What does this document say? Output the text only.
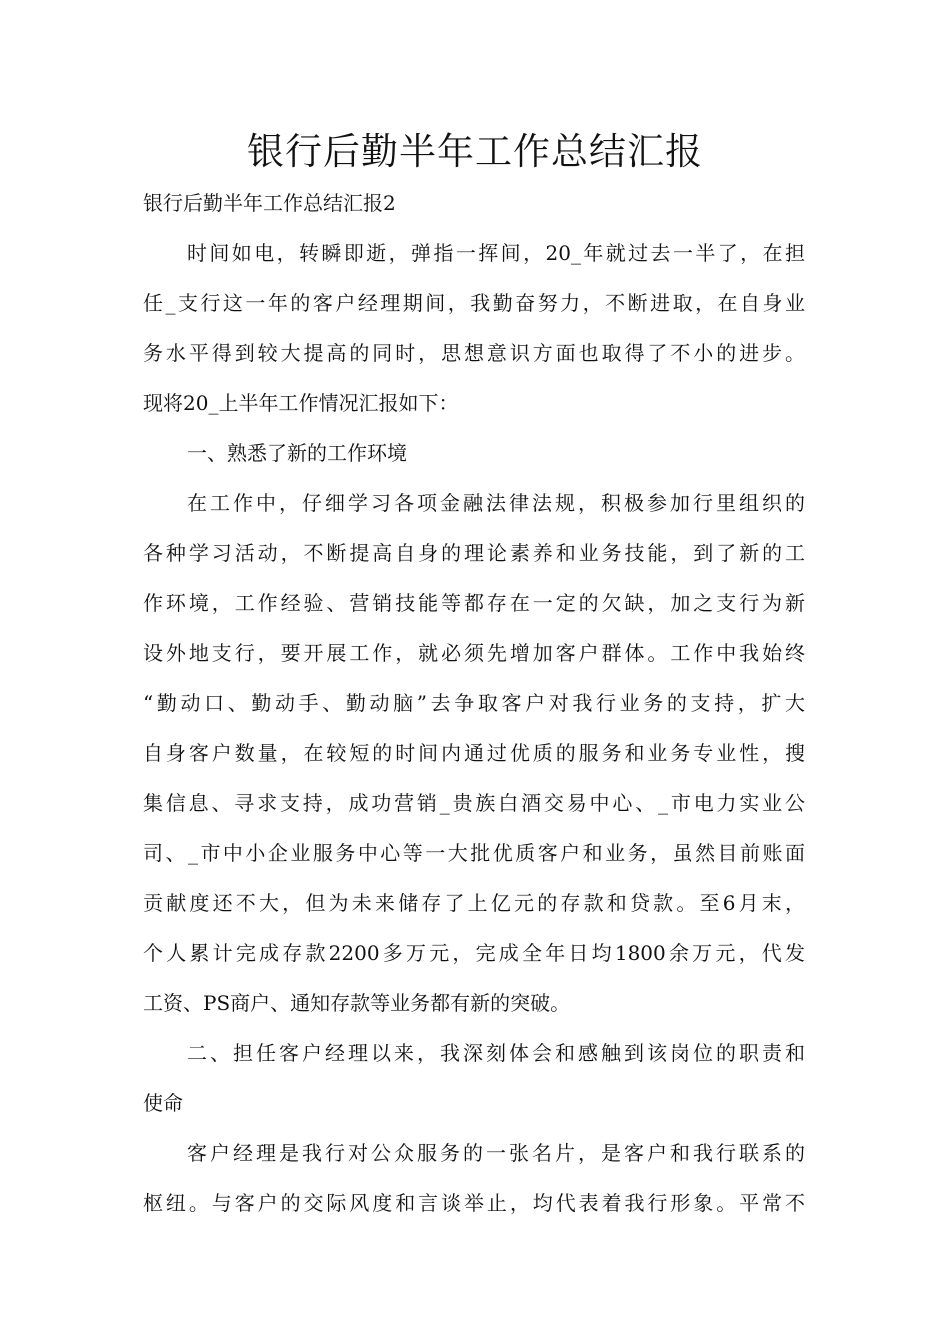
银行后勤半年工作总结汇报
银行后勤半年工作总结汇报2
时间如电，转瞬即逝，弹指一挥间，20_年就过去一半了，在担
任_支行这一年的客户经理期间，我勤奋努力，不断进取，在自身业
务水平得到较大提高的同时，思想意识方面也取得了不小的进步。
现将20_上半年工作情况汇报如下：
一、熟悉了新的工作环境
在工作中，仔细学习各项金融法律法规，积极参加行里组织的
各种学习活动，不断提高自身的理论素养和业务技能，到了新的工
作环境，工作经验、营销技能等都存在一定的欠缺，加之支行为新
设外地支行，要开展工作，就必须先增加客户群体。工作中我始终
“勤动口、勤动手、勤动脑”去争取客户对我行业务的支持，扩大
自身客户数量，在较短的时间内通过优质的服务和业务专业性，搜
集信息、寻求支持，成功营销_贵族白酒交易中心、_市电力实业公
司、_市中小企业服务中心等一大批优质客户和业务，虽然目前账面
贡献度还不大，但为未来储存了上亿元的存款和贷款。至6月末，
个人累计完成存款2200多万元，完成全年日均1800余万元，代发
工资、PS商户、通知存款等业务都有新的突破。
二、担任客户经理以来，我深刻体会和感触到该岗位的职责和
使命
客户经理是我行对公众服务的一张名片，是客户和我行联系的
枢纽。与客户的交际风度和言谈举止，均代表着我行形象。平常不
